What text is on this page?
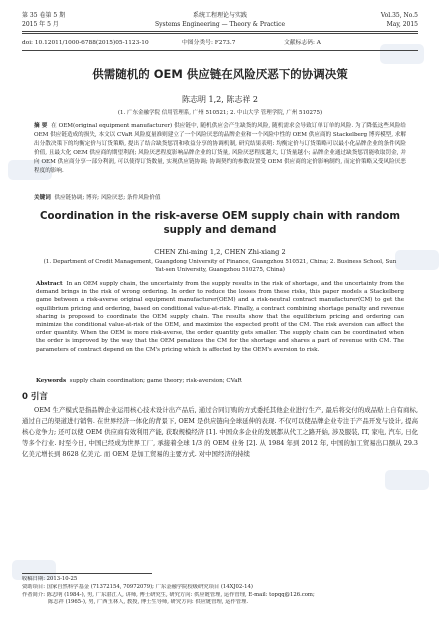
第 35 卷第 5 期	系统工程理论与实践	Vol.35, No.5
2015 年 5 月	Systems Engineering — Theory & Practice	May, 2015
doi: 10.12011/1000-6788(2015)05-1123-10	中图分类号: F273.7	文献标志码: A
供需随机的 OEM 供应链在风险厌恶下的协调决策
陈志明 1,2, 陈志祥 2
(1. 广东金融学院 信用管理系, 广州 510521; 2. 中山大学 管理学院, 广州 510275)
摘 要 在 OEM(original equipment manufacturer) 供应链中, 随机供应会产生缺货的风险, 随机需求会导致订单订单的风险. 为了降低这些风险给 OEM 供应链造成的损失, 本文以 CVaR 风险度量准则建立了一个风险厌恶的品牌企业和一个风险中性的 OEM 供应商的 Stackelberg 博弈模型, 求解出分散决策下的均衡定价与订货策略, 提出了结合缺货惩罚和收益分享的协调机制, 研究结果表明: 均衡定价与订货策略可以最小化品牌企业的条件风险价值, 且最大化 OEM 供应商的期望利润; 风险厌恶程度影响品牌企业的订货量, 风险厌恶程度越大, 订货量越小; 品牌企业通过缺货惩罚能收取罚金, 并向 OEM 供应商分享一部分利润, 可以使得订货数量, 实现供应链协调; 协调契约的参数设置受 OEM 供应商的定价影响制约, 而定价策略又受风险厌恶程度的影响.
关键词 供应链协调; 博弈; 风险厌恶; 条件风险价值
Coordination in the risk-averse OEM supply chain with random supply and demand
CHEN Zhi-ming 1,2, CHEN Zhi-xiang 2
(1. Department of Credit Management, Guangdong University of Finance, Guangzhou 510521, China; 2. Business School, Sun Yat-sen University, Guangzhou 510275, China)
Abstract In an OEM supply chain, the uncertainty from the supply results in the risk of shortage, and the uncertainty from the demand brings in the risk of wrong ordering. In order to reduce the losses from these risks, this paper models a Stackelberg game between a risk-averse original equipment manufacturer(OEM) and a risk-neutral contract manufacturer(CM) to get the equilibrium pricing and ordering, based on conditional value-at-risk. Finally, a contract combining shortage penalty and revenue sharing is proposed to coordinate the OEM supply chain. The results show that the equilibrium pricing and ordering can minimize the conditional value-at-risk of the OEM, and maximize the expected profit of the CM. The risk aversion can affect the order quantity. When the OEM is more risk-averse, the order quantity gets smaller. The supply chain can be coordinated when the order is improved by the way that the OEM penalizes the CM for the shortage and shares a part of revenue with CM. The parameters of contract depend on the CM's pricing which is affected by the OEM's aversion to risk.
Keywords supply chain coordination; game theory; risk-aversion; CVaR
0 引言
OEM 生产模式是指品牌企业运用核心技术设计出产品后, 通过合同订购的方式委托其他企业进行生产, 最后将交付的成品贴上自有商标, 通过自己的渠道进行销售. 在世界经济一体化的背景下, OEM 是供应链向全球延伸的表现. 不仅可以使品牌企业专注于产品开发与设计, 提高核心竞争力; 还可以使 OEM 供应商有效利用产能, 获取规模经济 [1]. 中国众多企业的发展都从代工之路开始, 涉及服装, IT, 家电, 汽车, 日化等多个行业. 时至今日, 中国已经成为世界工厂, 承接着全球 1/3 的 OEM 业务 [2]. 从 1984 年到 2012 年, 中国的加工贸易出口额从 29.3 亿美元增长到 8628 亿美元. 而 OEM 是加工贸易的主要方式. 对中国经济的持续
收稿日期: 2013-10-25
资助项目: 国家自然科学基金 (71372154, 70972079); 广东金融学院校级研究项目 (14XJ02-14)
作者简介: 陈志明 (1984-), 男, 广东湛江人, 讲师, 博士研究生, 研究方向: 供应链管理, 运作管理, E-mail: topqq@126.com;
陈志祥 (1965-), 男, 广西玉林人, 教授, 博士生导师, 研究方向: 供应链管理, 运作管理.
